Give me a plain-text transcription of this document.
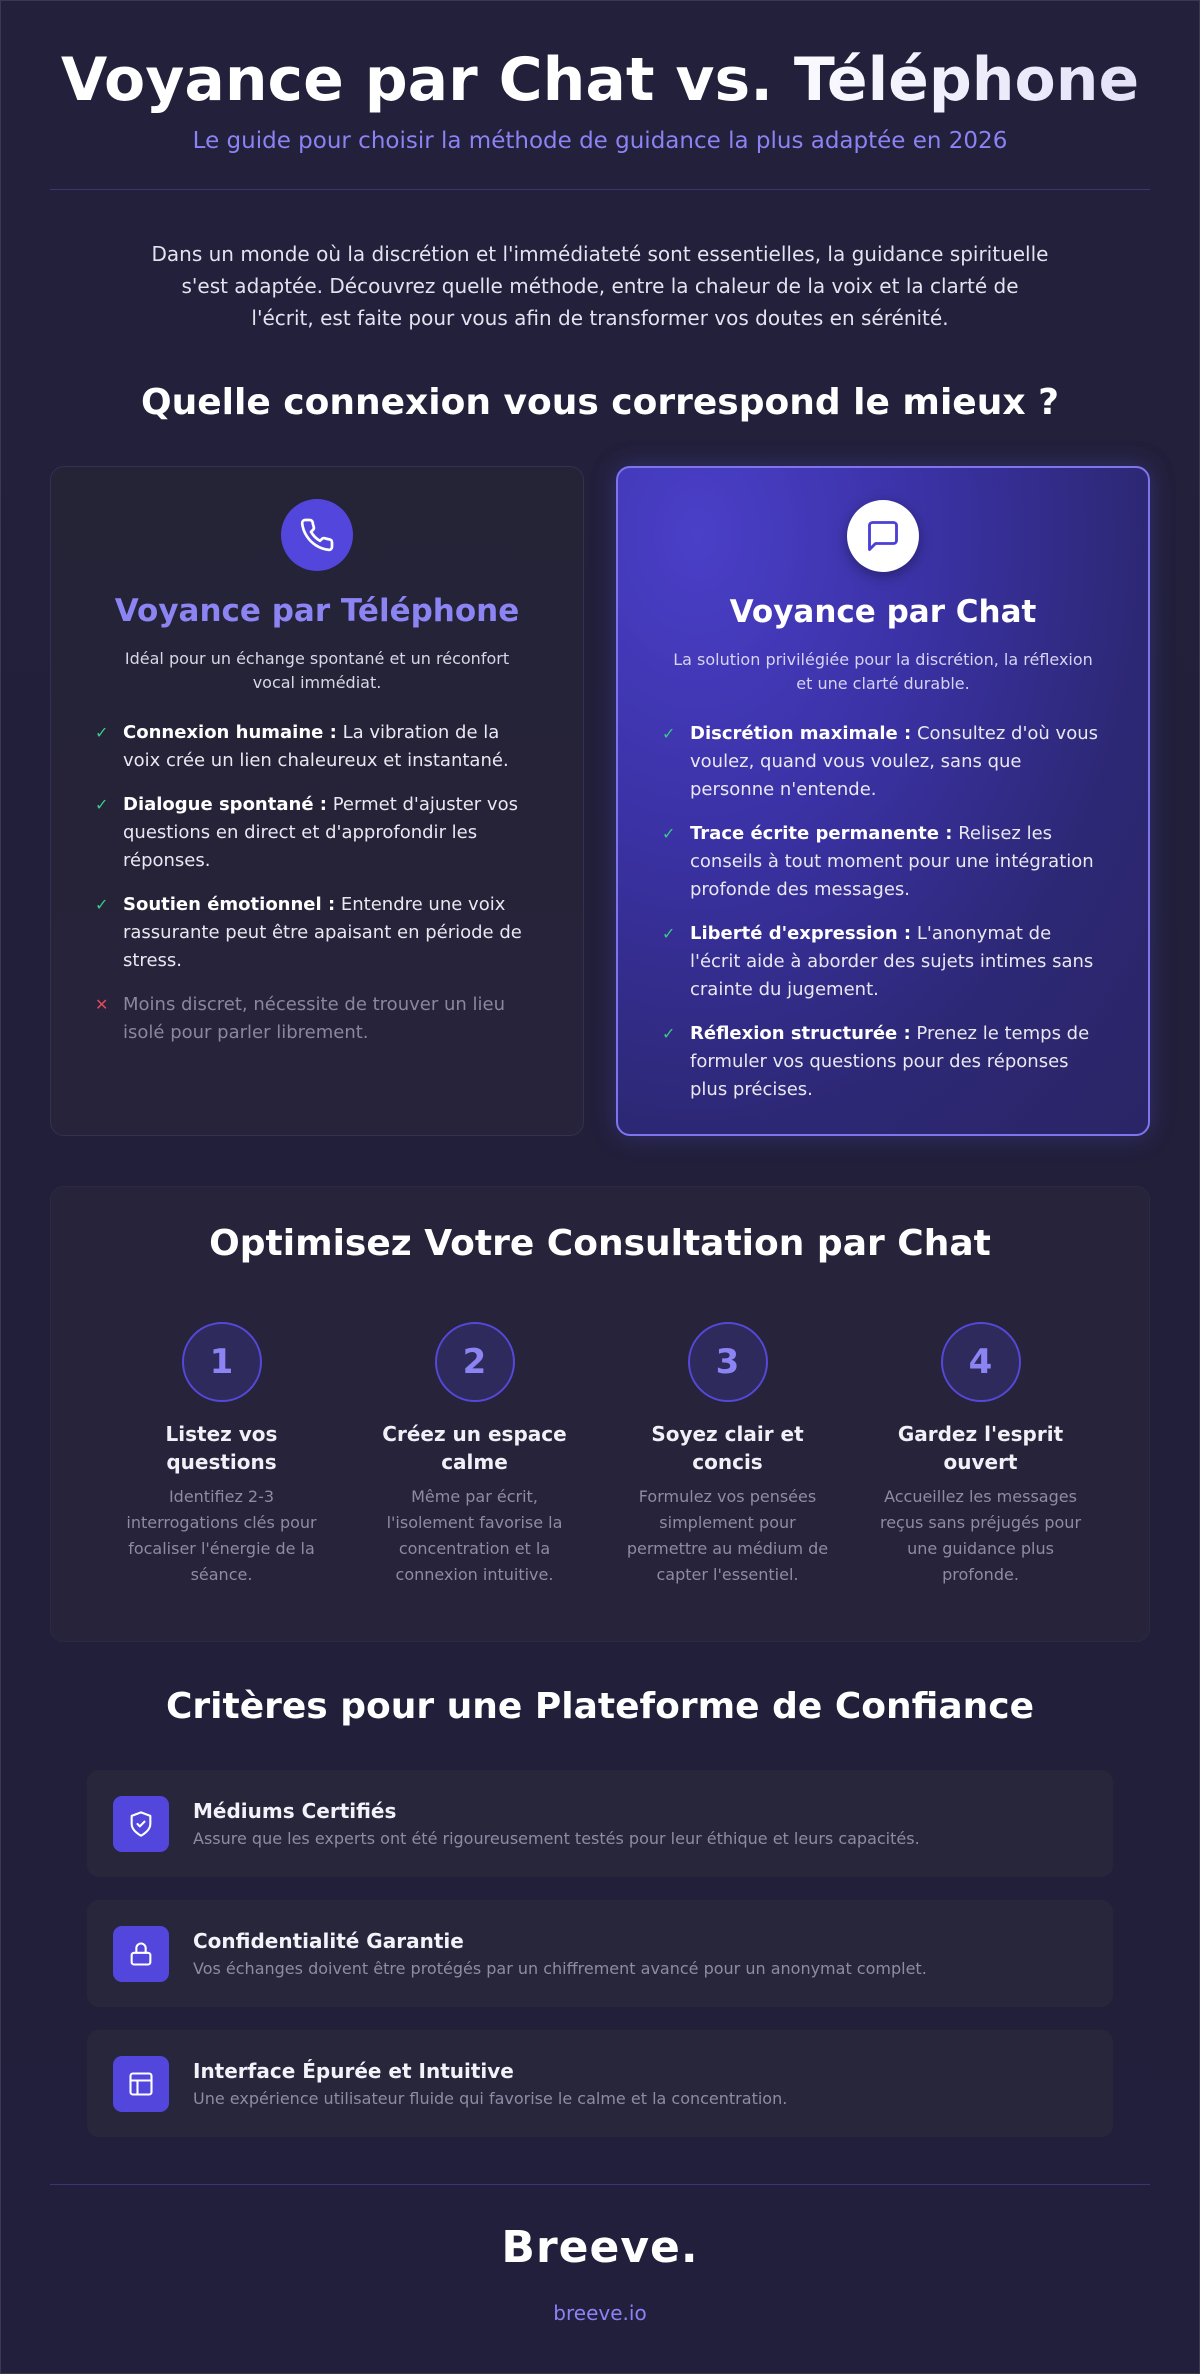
Voyance par Chat vs. Téléphone

Le guide pour choisir la méthode de guidance la plus adaptée en 2026

Dans un monde où la discrétion et l'immédiateté sont essentielles, la guidance spirituelle s'est adaptée. Découvrez quelle méthode, entre la chaleur de la voix et la clarté de l'écrit, est faite pour vous afin de transformer vos doutes en sérénité.

Quelle connexion vous correspond le mieux ?
Voyance par Téléphone

Idéal pour un échange spontané et un réconfort vocal immédiat.

✓ Connexion humaine : La vibration de la voix crée un lien chaleureux et instantané.
✓ Dialogue spontané : Permet d'ajuster vos questions en direct et d'approfondir les réponses.
✓ Soutien émotionnel : Entendre une voix rassurante peut être apaisant en période de stress.
✕ Moins discret, nécessite de trouver un lieu isolé pour parler librement.
Voyance par Chat

La solution privilégiée pour la discrétion, la réflexion et une clarté durable.

✓ Discrétion maximale : Consultez d'où vous voulez, quand vous voulez, sans que personne n'entende.
✓ Trace écrite permanente : Relisez les conseils à tout moment pour une intégration profonde des messages.
✓ Liberté d'expression : L'anonymat de l'écrit aide à aborder des sujets intimes sans crainte du jugement.
✓ Réflexion structurée : Prenez le temps de formuler vos questions pour des réponses plus précises.
Optimisez Votre Consultation par Chat
1
Listez vos questions
Identifiez 2-3 interrogations clés pour focaliser l'énergie de la séance.
2
Créez un espace calme
Même par écrit, l'isolement favorise la concentration et la connexion intuitive.
3
Soyez clair et concis
Formulez vos pensées simplement pour permettre au médium de capter l'essentiel.
4
Gardez l'esprit ouvert
Accueillez les messages reçus sans préjugés pour une guidance plus profonde.
Critères pour une Plateforme de Confiance
Médiums Certifiés
Assure que les experts ont été rigoureusement testés pour leur éthique et leurs capacités.
Confidentialité Garantie
Vos échanges doivent être protégés par un chiffrement avancé pour un anonymat complet.
Interface Épurée et Intuitive
Une expérience utilisateur fluide qui favorise le calme et la concentration.
Breeve.
breeve.io
